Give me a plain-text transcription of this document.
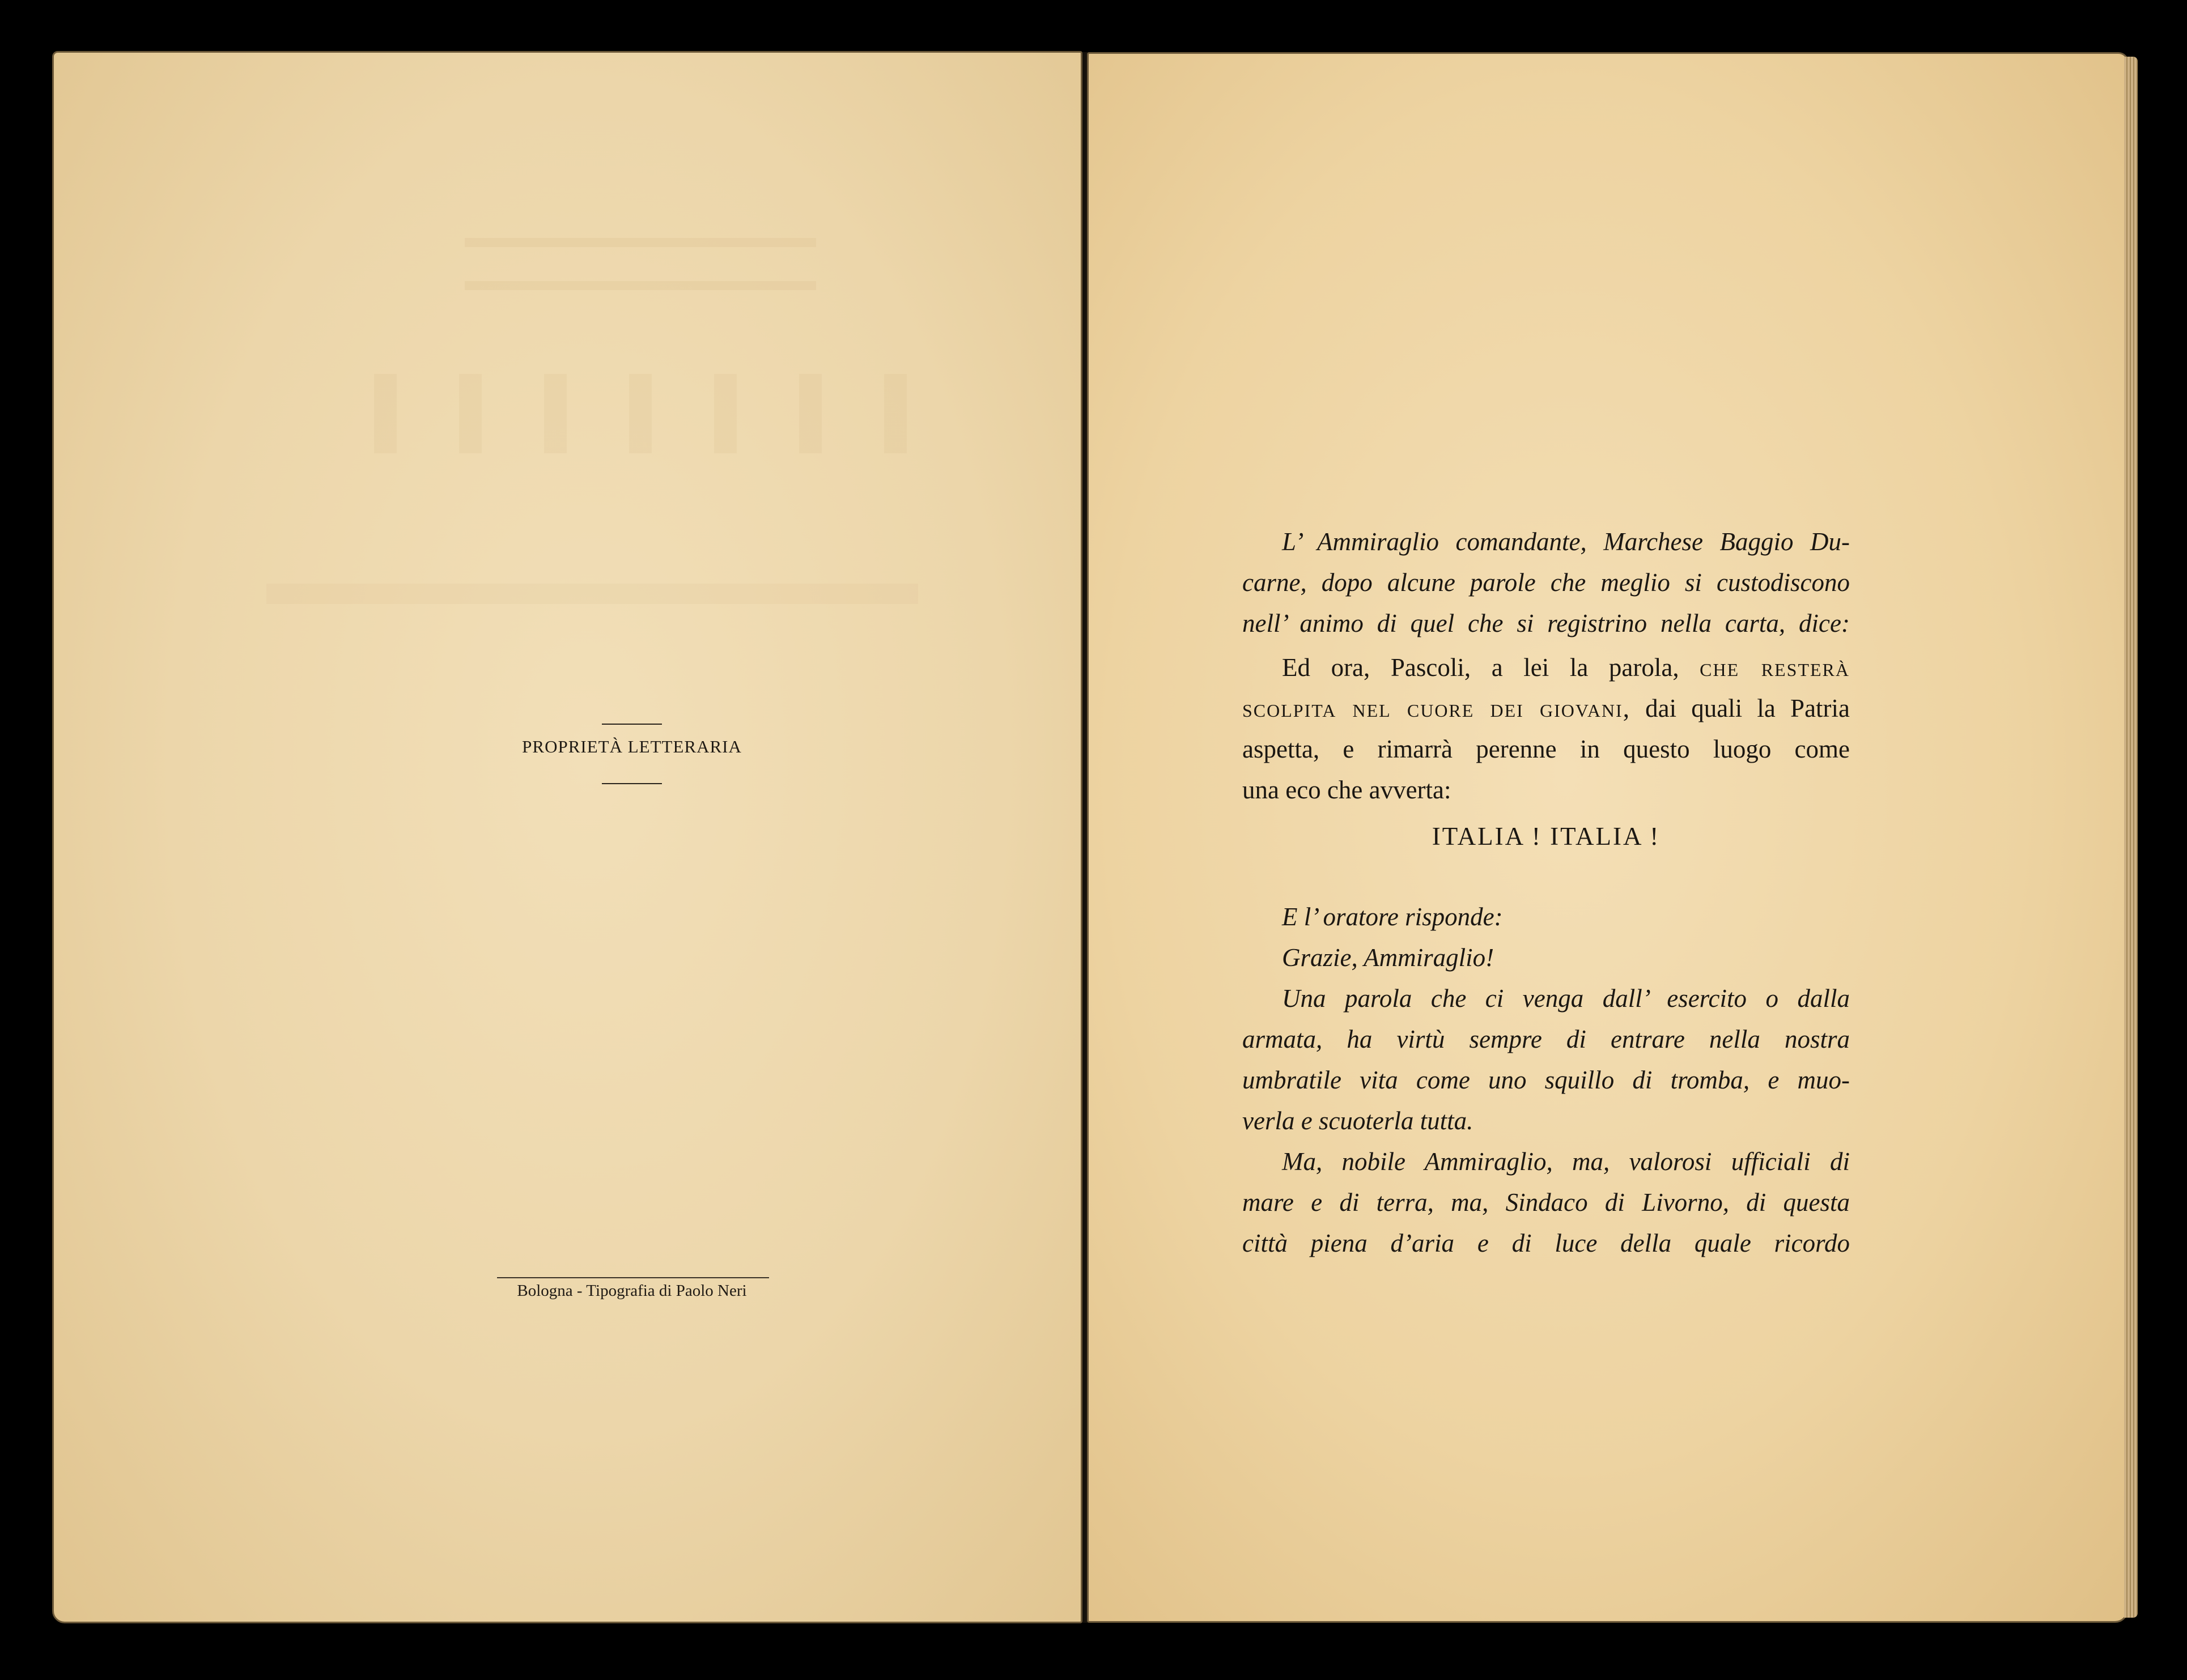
PROPRIETÀ LETTERARIA
Bologna - Tipografia di Paolo Neri
L’ Ammiraglio comandante, Marchese Baggio Du-
carne, dopo alcune parole che meglio si custodiscono
nell’ animo di quel che si registrino nella carta, dice:
Ed ora, Pascoli, a lei la parola, che resterà
scolpita nel cuore dei giovani, dai quali la Patria
aspetta, e rimarrà perenne in questo luogo come
una eco che avverta:
ITALIA ! ITALIA !
E l’ oratore risponde:
Grazie, Ammiraglio!
Una parola che ci venga dall’ esercito o dalla
armata, ha virtù sempre di entrare nella nostra
umbratile vita come uno squillo di tromba, e muo-
verla e scuoterla tutta.
Ma, nobile Ammiraglio, ma, valorosi ufficiali di
mare e di terra, ma, Sindaco di Livorno, di questa
città piena d’aria e di luce della quale ricordo
